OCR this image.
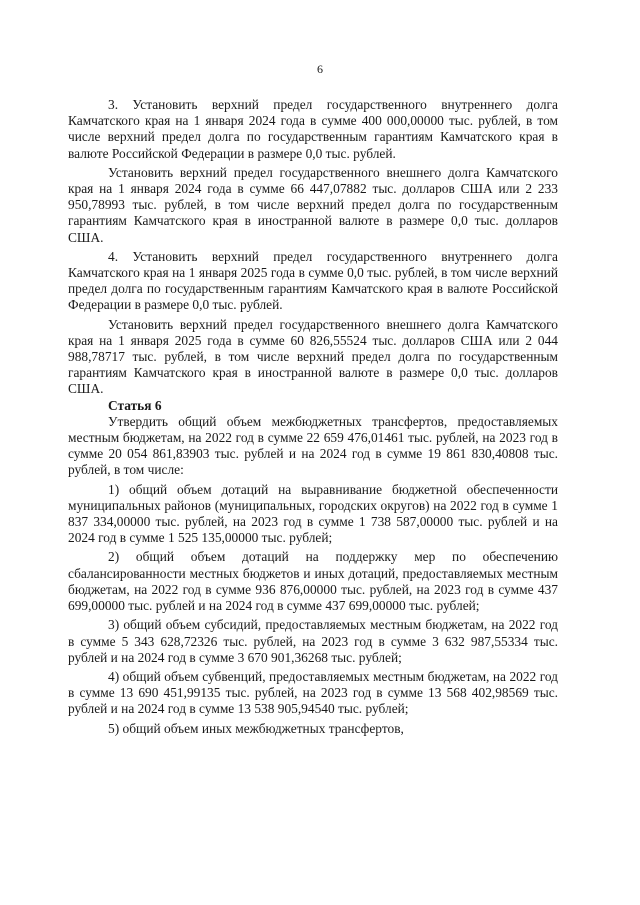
6

3. Установить верхний предел государственного внутреннего долга Камчатского края на 1 января 2024 года в сумме 400 000,00000 тыс. рублей, в том числе верхний предел долга по государственным гарантиям Камчатского края в валюте Российской Федерации в размере 0,0 тыс. рублей.

Установить верхний предел государственного внешнего долга Камчатского края на 1 января 2024 года в сумме 66 447,07882 тыс. долларов США или 2 233 950,78993 тыс. рублей, в том числе верхний предел долга по государственным гарантиям Камчатского края в иностранной валюте в размере 0,0 тыс. долларов США.

4. Установить верхний предел государственного внутреннего долга Камчатского края на 1 января 2025 года в сумме 0,0 тыс. рублей, в том числе верхний предел долга по государственным гарантиям Камчатского края в валюте Российской Федерации в размере 0,0 тыс. рублей.

Установить верхний предел государственного внешнего долга Камчатского края на 1 января 2025 года в сумме 60 826,55524 тыс. долларов США или 2 044 988,78717 тыс. рублей, в том числе верхний предел долга по государственным гарантиям Камчатского края в иностранной валюте в размере 0,0 тыс. долларов США.

Статья 6

Утвердить общий объем межбюджетных трансфертов, предоставляемых местным бюджетам, на 2022 год в сумме 22 659 476,01461 тыс. рублей, на 2023 год в сумме 20 054 861,83903 тыс. рублей и на 2024 год в сумме 19 861 830,40808 тыс. рублей, в том числе:

1) общий объем дотаций на выравнивание бюджетной обеспеченности муниципальных районов (муниципальных, городских округов) на 2022 год в сумме 1 837 334,00000 тыс. рублей, на 2023 год в сумме 1 738 587,00000 тыс. рублей и на 2024 год в сумме 1 525 135,00000 тыс. рублей;

2) общий объем дотаций на поддержку мер по обеспечению сбалансированности местных бюджетов и иных дотаций, предоставляемых местным бюджетам, на 2022 год в сумме 936 876,00000 тыс. рублей, на 2023 год в сумме 437 699,00000 тыс. рублей и на 2024 год в сумме 437 699,00000 тыс. рублей;

3) общий объем субсидий, предоставляемых местным бюджетам, на 2022 год в сумме 5 343 628,72326 тыс. рублей, на 2023 год в сумме 3 632 987,55334 тыс. рублей и на 2024 год в сумме 3 670 901,36268 тыс. рублей;

4) общий объем субвенций, предоставляемых местным бюджетам, на 2022 год в сумме 13 690 451,99135 тыс. рублей, на 2023 год в сумме 13 568 402,98569 тыс. рублей и на 2024 год в сумме 13 538 905,94540 тыс. рублей;

5) общий объем иных межбюджетных трансфертов,
